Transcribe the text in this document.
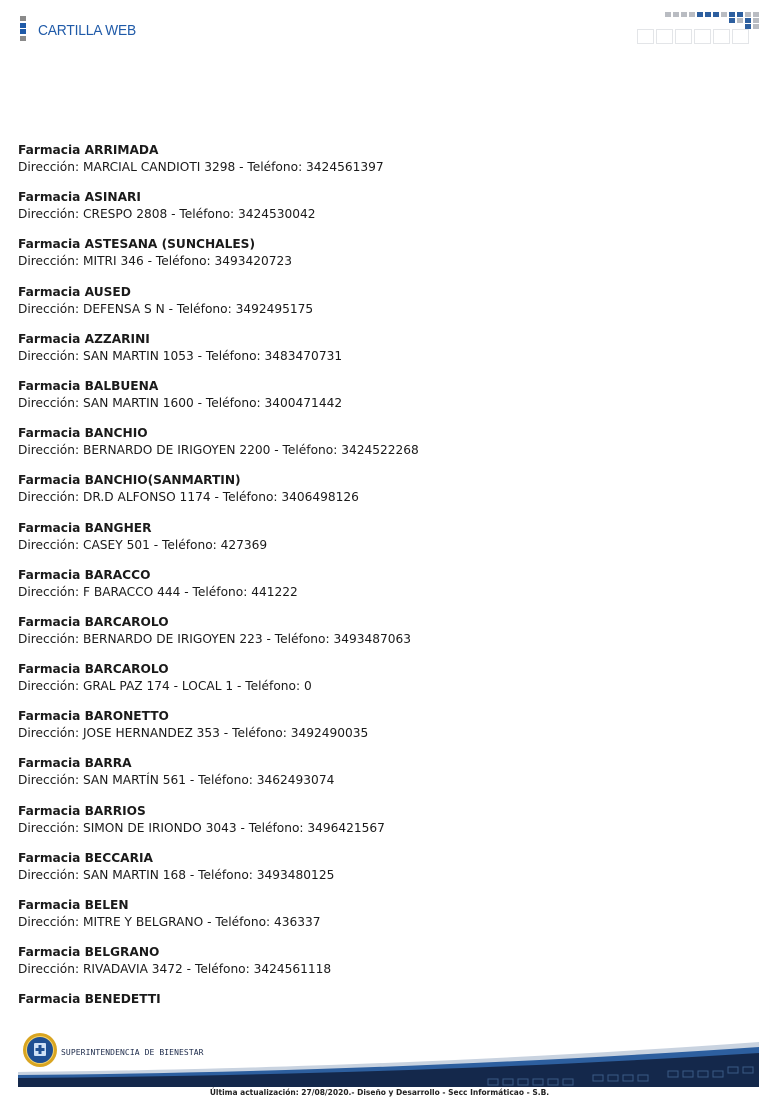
CARTILLA WEB
Farmacia ARRIMADA
Dirección: MARCIAL CANDIOTI 3298 - Teléfono: 3424561397
Farmacia ASINARI
Dirección: CRESPO 2808 - Teléfono: 3424530042
Farmacia ASTESANA (SUNCHALES)
Dirección: MITRI 346 - Teléfono: 3493420723
Farmacia AUSED
Dirección: DEFENSA S N - Teléfono: 3492495175
Farmacia AZZARINI
Dirección: SAN MARTIN 1053 - Teléfono: 3483470731
Farmacia BALBUENA
Dirección: SAN MARTIN 1600 - Teléfono: 3400471442
Farmacia BANCHIO
Dirección: BERNARDO DE IRIGOYEN 2200 - Teléfono: 3424522268
Farmacia BANCHIO(SANMARTIN)
Dirección: DR.D ALFONSO 1174 - Teléfono: 3406498126
Farmacia BANGHER
Dirección: CASEY 501 - Teléfono: 427369
Farmacia BARACCO
Dirección: F BARACCO 444 - Teléfono: 441222
Farmacia BARCAROLO
Dirección: BERNARDO DE IRIGOYEN 223 - Teléfono: 3493487063
Farmacia BARCAROLO
Dirección: GRAL PAZ 174 - LOCAL 1 - Teléfono: 0
Farmacia BARONETTO
Dirección: JOSE HERNANDEZ 353 - Teléfono: 3492490035
Farmacia BARRA
Dirección: SAN MARTÍN 561 - Teléfono: 3462493074
Farmacia BARRIOS
Dirección: SIMON DE IRIONDO 3043 - Teléfono: 3496421567
Farmacia BECCARIA
Dirección: SAN MARTIN 168 - Teléfono: 3493480125
Farmacia BELEN
Dirección: MITRE Y BELGRANO - Teléfono: 436337
Farmacia BELGRANO
Dirección: RIVADAVIA 3472 - Teléfono: 3424561118
Farmacia BENEDETTI
SUPERINTENDENCIA DE BIENESTAR
Última actualización: 27/08/2020.- Diseño y Desarrollo - Secc Informáticao - S.B.
